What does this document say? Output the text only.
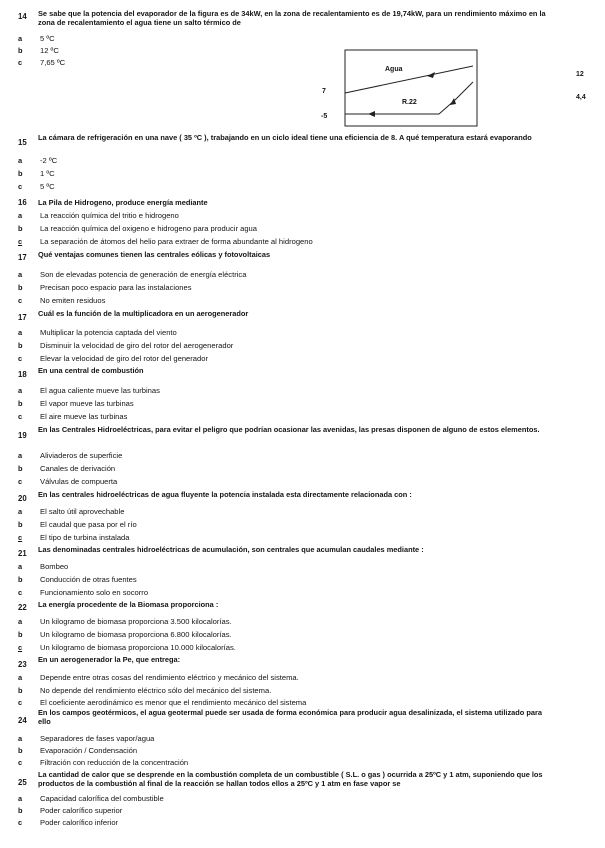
14	Se sabe que la potencia del evaporador de la figura es de 34kW, en la zona de recalentamiento es de 19,74kW, para un rendimiento máximo en la zona de recalentamiento el agua tiene un salto térmico de
a	5 ºC
b	12 ºC
c	7,65 ºC
Agua
R.22
7
-5
12
4,4
15
La cámara de refrigeración en una nave ( 35 ºC ), trabajando en un ciclo ideal tiene una eficiencia de 8. A qué temperatura estará evaporando
a	-2 ºC
b	1 ºC
c	5 ºC
16	La Pila de Hidrogeno, produce energía mediante
a	La reacción química del tritio e hidrogeno
b	La reacción química del oxigeno e hidrogeno para producir agua
c	La separación de átomos del helio para extraer de forma abundante al hidrogeno
17	Qué ventajas comunes tienen las centrales eólicas y fotovoltaicas
a	Son de elevadas potencia de generación de energía eléctrica
b	Precisan poco espacio para las instalaciones
c	No emiten residuos
17	Cuál es la función de la multiplicadora en un aerogenerador
a	Multiplicar la potencia captada del viento
b	Disminuir la velocidad de giro del rotor del aerogenerador
c	Elevar la velocidad de giro del rotor del generador
18	En una central de combustión
a	El agua caliente mueve las turbinas
b	El vapor mueve las turbinas
c	El aire mueve las turbinas
19
En las Centrales Hidroeléctricas, para evitar el peligro que podrían ocasionar las avenidas, las presas disponen de alguno de estos elementos.
a	Aliviaderos de superficie
b	Canales de derivación
c	Válvulas de compuerta
20	En las centrales hidroeléctricas de agua fluyente la potencia instalada esta directamente relacionada con :
a	El salto útil aprovechable
b	El caudal que pasa por el río
c	El tipo de turbina instalada
21	Las denominadas centrales hidroeléctricas de acumulación, son centrales que acumulan caudales mediante :
a	Bombeo
b	Conducción de otras fuentes
c	Funcionamiento solo en socorro
22	La energía procedente de la Biomasa proporciona :
a	Un kilogramo de biomasa proporciona 3.500 kilocalorías.
b	Un kilogramo de biomasa proporciona 6.800 kilocalorías.
c	Un kilogramo de biomasa proporciona 10.000 kilocalorías.
23
En un aerogenerador la Pe, que entrega:
a	Depende entre otras cosas del rendimiento eléctrico y mecánico del sistema.
b	No depende del rendimiento eléctrico sólo del mecánico del sistema.
c	El coeficiente aerodinámico es menor que el rendimiento mecánico del sistema
24
En los campos geotérmicos, el agua geotermal puede ser usada de forma económica para producir agua desalinizada, el sistema utilizado para ello
a	Separadores de fases vapor/agua
b	Evaporación / Condensación
c	Filtración con reducción de la concentración
25
La cantidad de calor que se desprende en la combustión completa de un combustible ( S.L. o gas ) ocurrida a 25ºC y 1 atm, suponiendo que los productos de la combustión al final de la reacción se hallan todos ellos a 25ºC y 1 atm en fase vapor se
a	Capacidad calorífica del combustible
b	Poder calorífico superior
c	Poder calorífico inferior
